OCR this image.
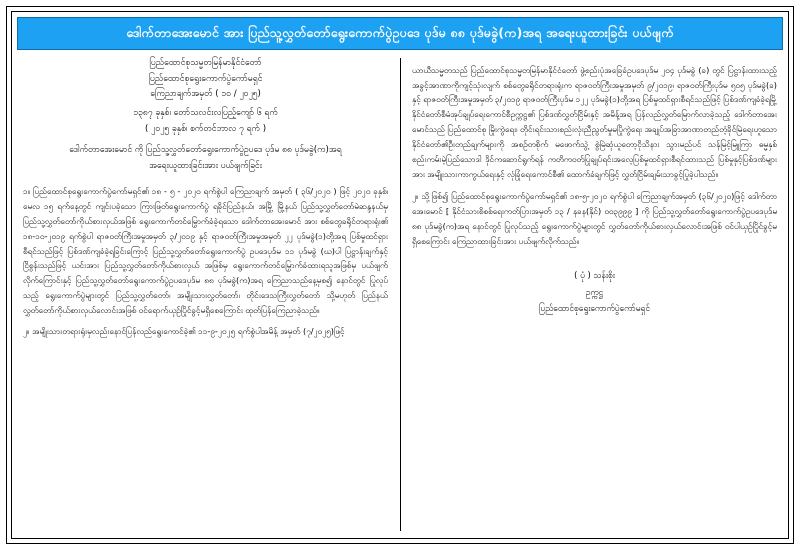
ဒေါက်တာအေးမောင် အား ပြည်သူ့လွှတ်တော်ရွေးကောက်ပွဲဥပဒေ ပုဒ်မ ၈၈ ပုဒ်မခွဲ(က)အရ အရေးယူထားခြင်း ပယ်ဖျက်
ပြည်ထောင်စုသမ္မတမြန်မာနိုင်ငံတော်
ပြည်ထောင်စုရွေးကောက်ပွဲကော်မရှင်
ကြေညာချက်အမှတ် ( ၁၀ / ၂၀၂၅)
၁၃၈၇ ခုနှစ်၊ တော်သလင်းလပြည့်ကျော် ၆ ရက်
( ၂၀၂၅ ခုနှစ်၊ စက်တင်ဘာလ ၇ ရက် )
ဒေါက်တာအေးမောင် ကို ပြည်သူ့လွှတ်တော်ရွေးကောက်ပွဲဥပဒေ ပုဒ်မ ၈၈ ပုဒ်မခွဲ(က)အရ
အရေးယူထားခြင်းအား ပယ်ဖျက်ခြင်း
၁။ ပြည်ထောင်စုရွေးကောက်ပွဲကော်မရှင်၏ ၁၈ - ၅ - ၂၀၂၀ ရက်စွဲပါ ကြေညာချက် အမှတ် ( ၃၆/၂၀၂၀ ) ဖြင့် ၂၀၂၀ ခုနှစ်၊ မေလ ၁၅ ရက်နေ့တွင် ကျင်းပခဲ့သော ကြားဖြတ်ရွေးကောက်ပွဲ ရခိုင်ပြည်နယ်၊ အမြို့ မြို့နယ် ပြည်သူ့လွှတ်တော်မဲဆန္ဒနယ်မှ ပြည်သူ့လွှတ်တော်ကိုယ်စားလှယ်အဖြစ် ရွေးကောက်တင်မြှောက်ခံခဲ့ရသော ဒေါက်တာအေးမောင် အား စစ်တွေခရိုင်တရားရုံး၏ ၁၈-၁၀-၂၀၁၉ ရက်စွဲပါ ရာဇဝတ်ကြီးအမှုအမှတ် ၃/၂၀၁၉ နှင့် ရာဇဝတ်ကြီးအမှုအမှတ် ၂၂ ပုဒ်မခွဲ(၁)တို့အရ ပြစ်မှုထင်ရှားစီရင်သည်ဖြင့် ပြစ်ဒဏ်ကျခံခဲ့ရခြင်းကြောင့် ပြည်သူ့လွှတ်တော်ရွေးကောက်ပွဲ ဥပဒေပုဒ်မ ၁၁ ပုဒ်မခွဲ (ဃ)ပါ ပြဋ္ဌာန်းချက်နှင့်ငြိစွန်းသည်ဖြင့် ယင်းအား ပြည်သူ့လွှတ်တော်ကိုယ်စားလှယ် အဖြစ်မှ ရွေးကောက်တင်မြှောက်ခံထားရသူအဖြစ်မှ ပယ်ဖျက်လိုက်ကြောင်းနှင့် ပြည်သူ့လွှတ်တော်ရွေးကောက်ပွဲဥပဒေပုဒ်မ ၈၈ ပုဒ်မခွဲ(က)အရ ကြေညာသည်နေ့မှစ၍ နောင်တွင် ပြုလုပ်သည့် ရွေးကောက်ပွဲများတွင် ပြည်သူ့လွှတ်တော်၊ အမျိုးသားလွှတ်တော်၊ တိုင်းဒေသကြီးလွှတ်တော် သို့မဟုတ် ပြည်နယ်လွှတ်တော်ကိုယ်စားလှယ်လောင်းအဖြစ် ဝင်ရောက်ယှဉ်ပြိုင်ခွင့်မရှိစေကြောင်း ထုတ်ပြန်ကြေညာခဲ့သည်။
၂။ အမျိုးသားတရားရုံးမှလည်းနောင်ပြန်လည်ရွေးကောင်ခဲ့၏ ၁၁-၉-၂၀၂၅ ရက်စွဲပါအမိန့် အမှတ် (၇/၂၀၂၅)ဖြင့်
ယာယီသမ္မတသည် ပြည်ထောင်စုသမ္မတမြန်မာနိုင်ငံတော် ဖွဲ့စည်းပုံအခြေခံဥပဒေပုဒ်မ ၂၀၄ ပုဒ်မခွဲ (ခ) တွင် ပြဋ္ဌာန်းထားသည့် အခွင့်အာဏာကိုကျင့်သုံးလျက် စစ်တွေခရိုင်တရားရုံးက ရာဇဝတ်ကြီးအမှုအမှတ် ၉/၂၀၁၉၊ ရာဇဝတ်ကြီးပုဒ်မ ၅၀၅ ပုဒ်မခွဲ(ခ) နှင့် ရာဇဝတ်ကြီးအမှုအမှတ် ၃/၂၀၁၉ ရာဇဝတ်ကြီးပုဒ်မ ၁၂၂ ပုဒ်မခွဲ(၁)တို့အရ ပြစ်မှုထင်ရှားစီရင်သည်ဖြင့် ပြစ်ဒဏ်ကျခံခဲ့ရမြို့ နိုင်ငံတော်စီမံအုပ်ချုပ်ရေးကောင်စီဥက္ကဋ္ဌ၏ ပြစ်ဒဏ်လွှတ်ငြိမ်းနှင့် အမိန့်အရ ပြန်လည်လွှတ်မြောက်လာခဲ့သည့် ဒေါက်တာအေးမောင်သည် ပြည်ထောင်စု မြိုးကွဲရေး၊ တိုင်းရင်းသားစည်းလုံးညီညွတ်မှုမပြိုကွဲရေး အချုပ်အခြာအာဏာတည်တံ့ခိုင်မြဲရေးဟူသော နိုင်ငံတော်၏ဦးတည်ချက်များကို အစဉ်တစိုက် မဖောက်သွဲ့ စွဲမြဲဆုံယူတော့ငိုသိနား သွားမည်ပင် သန်မြင့်မြူကြာ ဓမ္မနှစ်စည်းကမ်းမဲ့ပြည်သောဒါ ဒိုင်ကဆောင်ရွက်ရန် ကတိကဝတ်ပြုချုပ်ရင်းအလေ့ပြစ်မှုထင်ရှားစီရင်ထားသည် ပြစ်မှုနှင့်ပြစ်ဒဏ်များအား အမျိုးသားကာကွယ်ရေးနှင့် လုံခြုံရေးကောင်စီ၏ ထောက်ခံချက်ဖြင့် လွှတ်ငြိမ်းချမ်းသာခွင့်ပြုခဲ့ပါသည်။
၂။ သို့ဖြစ်၍ ပြည်ထောင်စုရွေးကောက်ပွဲကော်မရှင်၏ ၁၈-၅-၂၀၂၀ ရက်စွဲပါ ကြေညာချက်အမှတ် (၃၆/၂၀၂၀)ဖြင့် ဒေါက်တာအေးမောင် [ နိုင်ငံသားစိစစ်ရေးကတ်ပြားအမှတ် ၁၃ / နခန(နိုင်) ၀၀၃၉၉၉ ] ကို ပြည်သူ့လွှတ်တော်ရွေးကောက်ပွဲဥပဒေပုဒ်မ ၈၈ ပုဒ်မခွဲ(က)အရ နောင်တွင် ပြုလုပ်သည့် ရွေးကောက်ပွဲများတွင် လွှတ်တော်ကိုယ်စားလှယ်လောင်းအဖြစ် ဝင်ပါယှဉ်ပြိုင်ခွင့်မရှိစေကြောင်း ကြေညာထားခြင်းအား ပယ်ဖျက်လိုက်သည်။
( ပုံ ) သန်းစိုး
ဥက္ကဋ္ဌ
ပြည်ထောင်စုရွေးကောက်ပွဲကော်မရှင်
